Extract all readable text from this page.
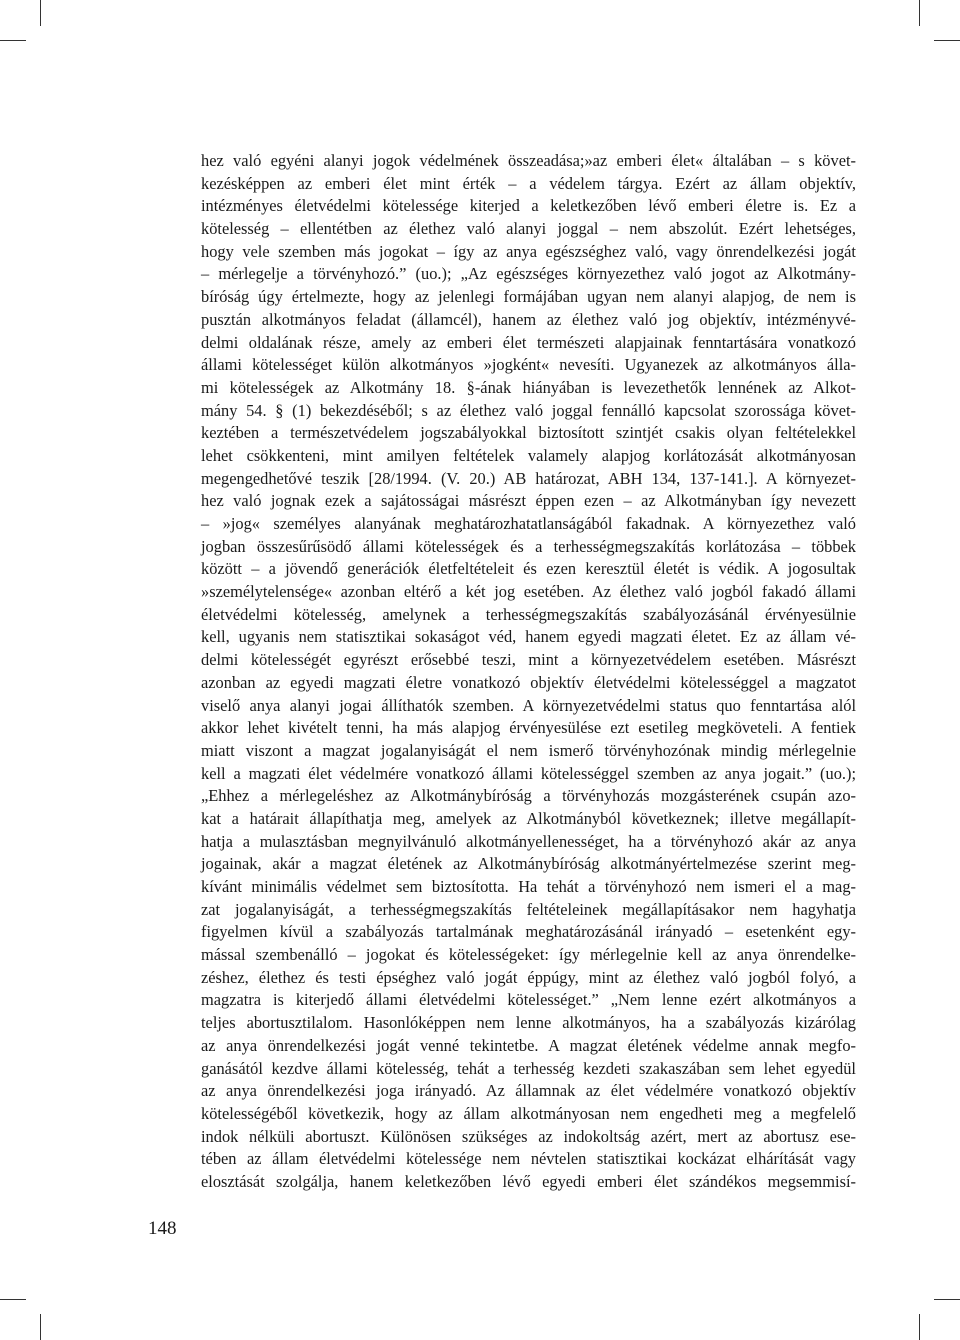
hez való egyéni alanyi jogok védelmének összeadása;»az emberi élet« általában – s követ-
kezésképpen az emberi élet mint érték – a védelem tárgya. Ezért az állam objektív,
intézményes életvédelmi kötelessége kiterjed a keletkezőben lévő emberi életre is. Ez a
kötelesség – ellentétben az élethez való alanyi joggal – nem abszolút. Ezért lehetséges,
hogy vele szemben más jogokat – így az anya egészséghez való, vagy önrendelkezési jogát
– mérlegelje a törvényhozó.” (uo.); „Az egészséges környezethez való jogot az Alkotmány-
bíróság úgy értelmezte, hogy az jelenlegi formájában ugyan nem alanyi alapjog, de nem is
pusztán alkotmányos feladat (államcél), hanem az élethez való jog objektív, intézményvé-
delmi oldalának része, amely az emberi élet természeti alapjainak fenntartására vonatkozó
állami kötelességet külön alkotmányos »jogként« nevesíti. Ugyanezek az alkotmányos álla-
mi kötelességek az Alkotmány 18. §-ának hiányában is levezethetők lennének az Alkot-
mány 54. § (1) bekezdéséből; s az élethez való joggal fennálló kapcsolat szorossága követ-
keztében a természetvédelem jogszabályokkal biztosított szintjét csakis olyan feltételekkel
lehet csökkenteni, mint amilyen feltételek valamely alapjog korlátozását alkotmányosan
megengedhetővé teszik [28/1994. (V. 20.) AB határozat, ABH 134, 137-141.]. A környezet-
hez való jognak ezek a sajátosságai másrészt éppen ezen – az Alkotmányban így nevezett
– »jog« személyes alanyának meghatározhatatlanságából fakadnak. A környezethez való
jogban összesűrűsödő állami kötelességek és a terhességmegszakítás korlátozása – többek
között – a jövendő generációk életfeltételeit és ezen keresztül életét is védik. A jogosultak
»személytelensége« azonban eltérő a két jog esetében. Az élethez való jogból fakadó állami
életvédelmi kötelesség, amelynek a terhességmegszakítás szabályozásánál érvényesülnie
kell, ugyanis nem statisztikai sokaságot véd, hanem egyedi magzati életet. Ez az állam vé-
delmi kötelességét egyrészt erősebbé teszi, mint a környezetvédelem esetében. Másrészt
azonban az egyedi magzati életre vonatkozó objektív életvédelmi kötelességgel a magzatot
viselő anya alanyi jogai állíthatók szemben. A környezetvédelmi status quo fenntartása alól
akkor lehet kivételt tenni, ha más alapjog érvényesülése ezt esetileg megköveteli. A fentiek
miatt viszont a magzat jogalanyiságát el nem ismerő törvényhozónak mindig mérlegelnie
kell a magzati élet védelmére vonatkozó állami kötelességgel szemben az anya jogait.” (uo.);
„Ehhez a mérlegeléshez az Alkotmánybíróság a törvényhozás mozgásterének csupán azo-
kat a határait állapíthatja meg, amelyek az Alkotmányból következnek; illetve megállapít-
hatja a mulasztásban megnyilvánuló alkotmányellenességet, ha a törvényhozó akár az anya
jogainak, akár a magzat életének az Alkotmánybíróság alkotmányértelmezése szerint meg-
kívánt minimális védelmet sem biztosította. Ha tehát a törvényhozó nem ismeri el a mag-
zat jogalanyiságát, a terhességmegszakítás feltételeinek megállapításakor nem hagyhatja
figyelmen kívül a szabályozás tartalmának meghatározásánál irányadó – esetenként egy-
mással szembenálló – jogokat és kötelességeket: így mérlegelnie kell az anya önrendelke-
zéshez, élethez és testi épséghez való jogát éppúgy, mint az élethez való jogból folyó, a
magzatra is kiterjedő állami életvédelmi kötelességet.” „Nem lenne ezért alkotmányos a
teljes abortusztilalom. Hasonlóképpen nem lenne alkotmányos, ha a szabályozás kizárólag
az anya önrendelkezési jogát venné tekintetbe. A magzat életének védelme annak megfo-
ganásától kezdve állami kötelesség, tehát a terhesség kezdeti szakaszában sem lehet egyedül
az anya önrendelkezési joga irányadó. Az államnak az élet védelmére vonatkozó objektív
kötelességéből következik, hogy az állam alkotmányosan nem engedheti meg a megfelelő
indok nélküli abortuszt. Különösen szükséges az indokoltság azért, mert az abortusz ese-
tében az állam életvédelmi kötelessége nem névtelen statisztikai kockázat elhárítását vagy
elosztását szolgálja, hanem keletkezőben lévő egyedi emberi élet szándékos megsemmisí-
148
